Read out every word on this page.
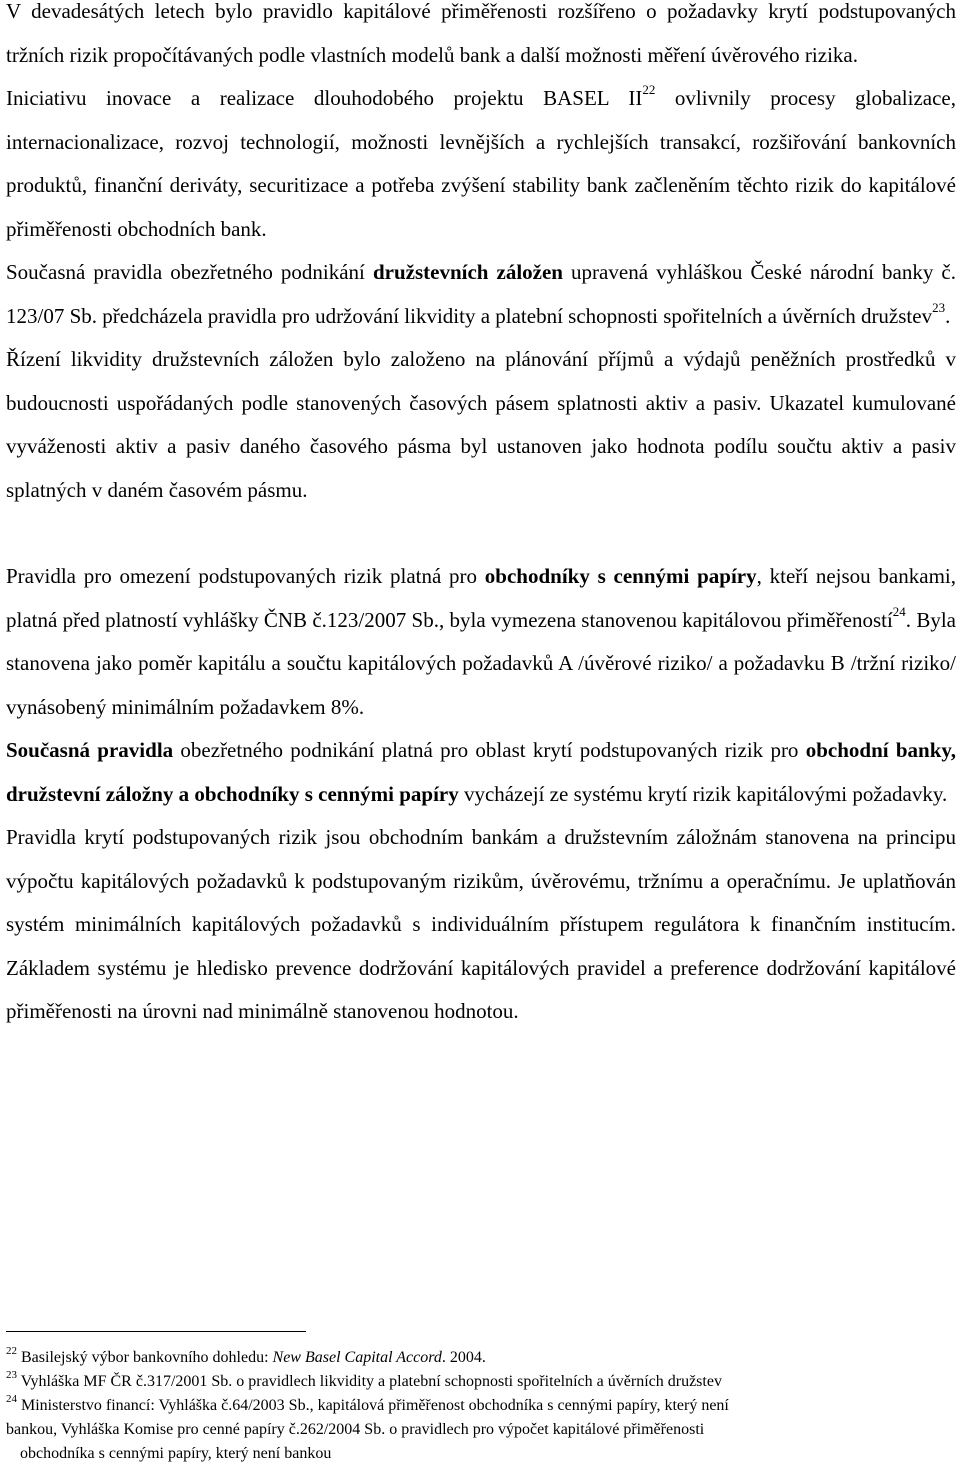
V devadesátých letech bylo pravidlo kapitálové přiměřenosti rozšířeno o požadavky krytí podstupovaných tržních rizik propočítávaných podle vlastních modelů bank a další možnosti měření úvěrového rizika.

Iniciativu inovace a realizace dlouhodobého projektu BASEL II$^{22}$ ovlivnily procesy globalizace, internacionalizace, rozvoj technologií, možnosti levnějších a rychlejších transakcí, rozšiřování bankovních produktů, finanční deriváty, securitizace a potřeba zvýšení stability bank začleněním těchto rizik do kapitálové přiměřenosti obchodních bank.

Současná pravidla obezřetného podnikání družstevních záložen upravená vyhláškou České národní banky č. 123/07 Sb. předcházela pravidla pro udržování likvidity a platební schopnosti spořitelních a úvěrních družstev$^{23}$.

Řízení likvidity družstevních záložen bylo založeno na plánování příjmů a výdajů peněžních prostředků v budoucnosti uspořádaných podle stanovených časových pásem splatnosti aktiv a pasiv. Ukazatel kumulované vyváženosti aktiv a pasiv daného časového pásma byl ustanoven jako hodnota podílu součtu aktiv a pasiv splatných v daném časovém pásmu.

Pravidla pro omezení podstupovaných rizik platná pro obchodníky s cennými papíry, kteří nejsou bankami, platná před platností vyhlášky ČNB č.123/2007 Sb., byla vymezena stanovenou kapitálovou přiměřeností$^{24}$. Byla stanovena jako poměr kapitálu a součtu kapitálových požadavků A /úvěrové riziko/ a požadavku B /tržní riziko/ vynásobený minimálním požadavkem 8%.

Současná pravidla obezřetného podnikání platná pro oblast krytí podstupovaných rizik pro obchodní banky, družstevní záložny a obchodníky s cennými papíry vycházejí ze systému krytí rizik kapitálovými požadavky.

Pravidla krytí podstupovaných rizik jsou obchodním bankám a družstevním záložnám stanovena na principu výpočtu kapitálových požadavků k podstupovaným rizikům, úvěrovému, tržnímu a operačnímu. Je uplatňován systém minimálních kapitálových požadavků s individuálním přístupem regulátora k finančním institucím. Základem systému je hledisko prevence dodržování kapitálových pravidel a preference dodržování kapitálové přiměřenosti na úrovni nad minimálně stanovenou hodnotou.

$^{22}$ Basilejský výbor bankovního dohledu: New Basel Capital Accord. 2004.

$^{23}$ Vyhláška MF ČR č.317/2001 Sb. o pravidlech likvidity a platební schopnosti spořitelních a úvěrních družstev

$^{24}$ Ministerstvo financí: Vyhláška č.64/2003 Sb., kapitálová přiměřenost obchodníka s cennými papíry, který není

bankou, Vyhláška Komise pro cenné papíry č.262/2004 Sb. o pravidlech pro výpočet kapitálové přiměřenosti

obchodníka s cennými papíry, který není bankou
